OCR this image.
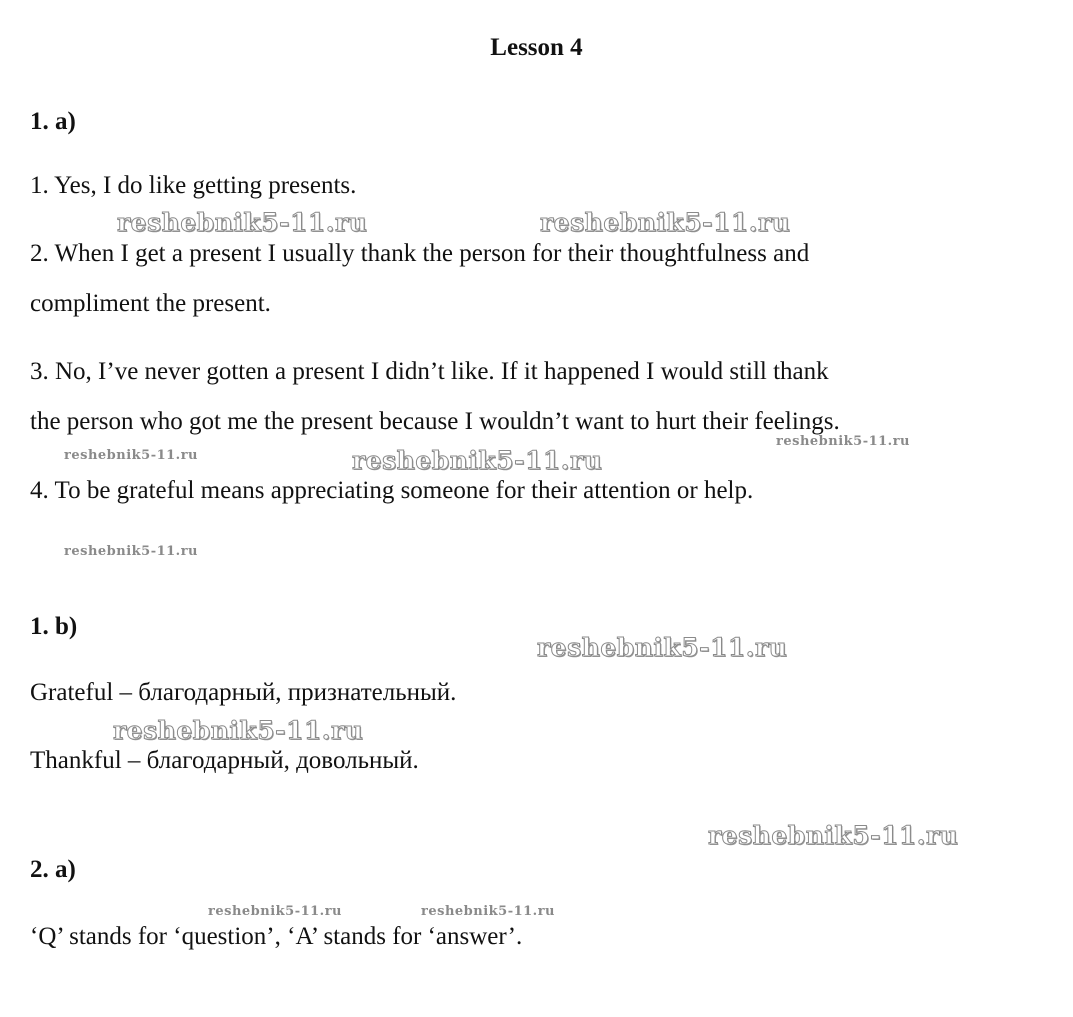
Lesson 4
1. a)
1. Yes, I do like getting presents.
2. When I get a present I usually thank the person for their thoughtfulness and
compliment the present.
3. No, I’ve never gotten a present I didn’t like. If it happened I would still thank
the person who got me the present because I wouldn’t want to hurt their feelings.
4. To be grateful means appreciating someone for their attention or help.
1. b)
Grateful – благодарный, признательный.
Thankful – благодарный, довольный.
2. a)
‘Q’ stands for ‘question’, ‘A’ stands for ‘answer’.
reshebnik5-11.ru	reshebnik5-11.ru
reshebnik5-11.ru
reshebnik5-11.ru	reshebnik5-11.ru
reshebnik5-11.ru
reshebnik5-11.ru
reshebnik5-11.ru
reshebnik5-11.ru
reshebnik5-11.ru	reshebnik5-11.ru
